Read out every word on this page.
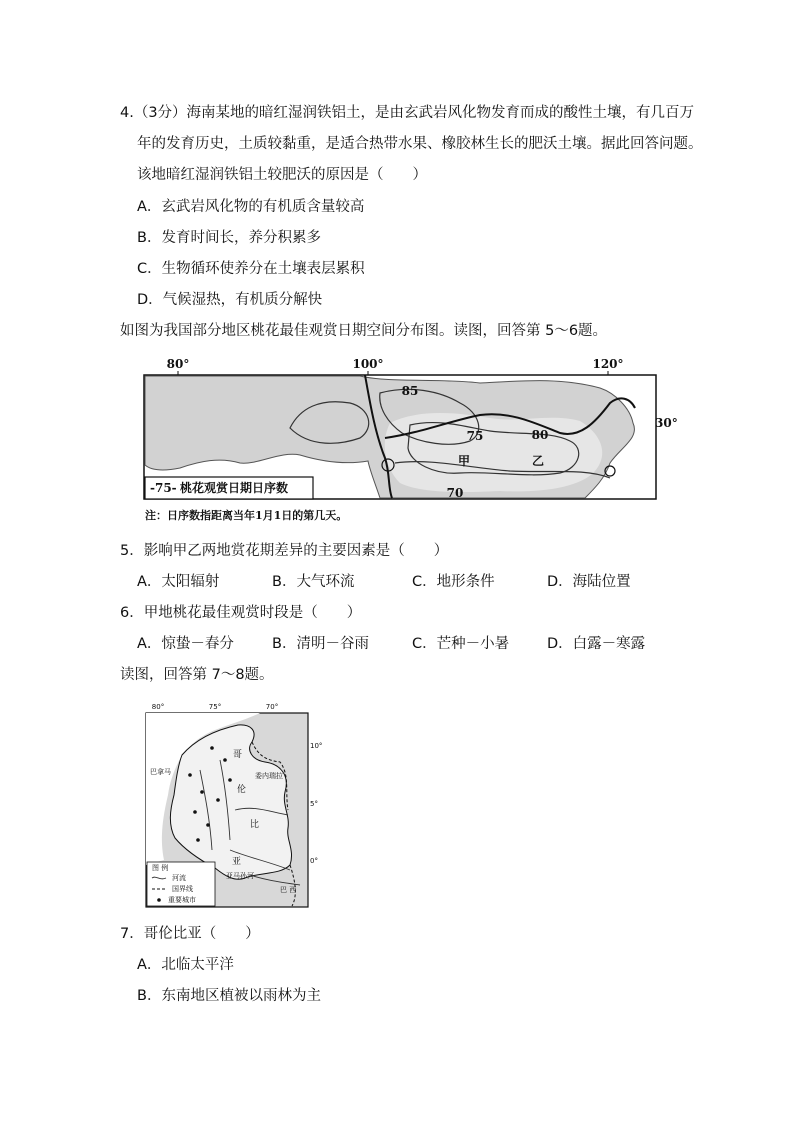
4.（3分）海南某地的暗红湿润铁铝土，是由玄武岩风化物发育而成的酸性土壤，有几百万
年的发育历史，土质较黏重，是适合热带水果、橡胶林生长的肥沃土壤。据此回答问题。
该地暗红湿润铁铝土较肥沃的原因是（　　）
A．玄武岩风化物的有机质含量较高
B．发育时间长，养分积累多
C．生物循环使养分在土壤表层累积
D．气候湿热，有机质分解快
如图为我国部分地区桃花最佳观赏日期空间分布图。读图，回答第 5～6题。
80°	100°	120°
85
75	80
70
甲	乙
30°
-75- 桃花观赏日期日序数
注：日序数指距离当年1月1日的第几天。
5．影响甲乙两地赏花期差异的主要因素是（　　）
A．太阳辐射	B．大气环流	C．地形条件	D．海陆位置
6．甲地桃花最佳观赏时段是（　　）
A．惊蛰－春分	B．清明－谷雨	C．芒种－小暑	D．白露－寒露
读图，回答第 7～8题。
80°	75°	70°
哥
伦
比
亚
巴拿马	委内瑞拉
亚马孙河
巴 西
10°
5°
0°
图 例
河流
国界线
重要城市
7．哥伦比亚（　　）
A．北临太平洋
B．东南地区植被以雨林为主
